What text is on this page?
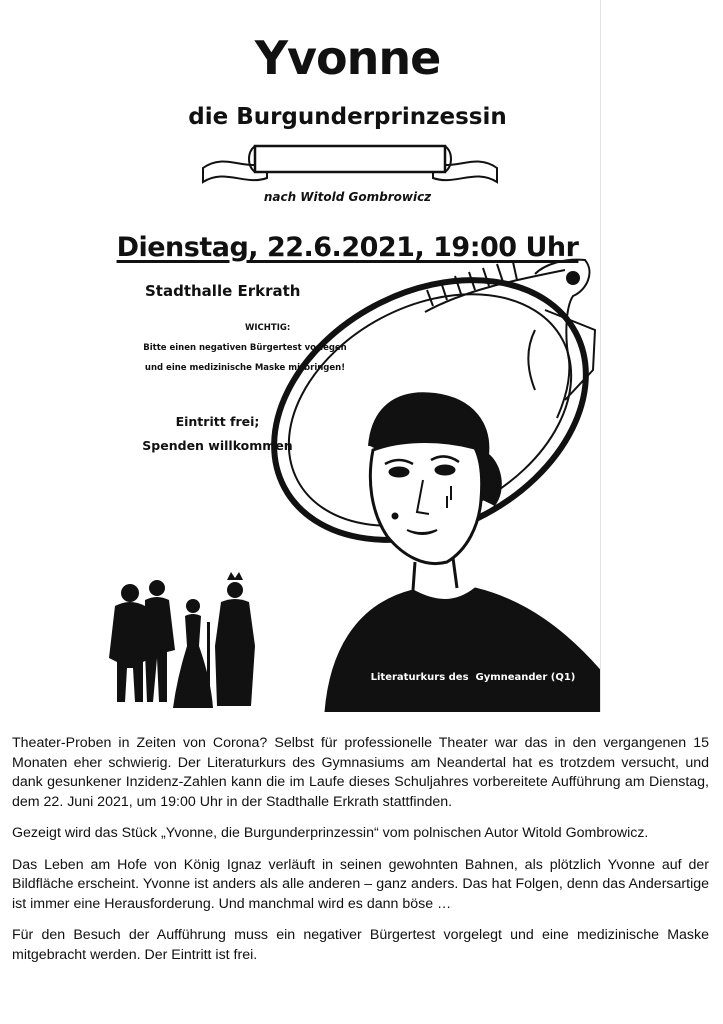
Yvonne
die Burgunderprinzessin
nach Witold Gombrowicz
Dienstag, 22.6.2021, 19:00 Uhr
Stadthalle Erkrath
WICHTIG:
Bitte einen negativen Bürgertest vorlegen
und eine medizinische Maske mitbringen!
Eintritt frei;
Spenden willkommen
Literaturkurs des  Gymneander (Q1)

Theater-Proben in Zeiten von Corona? Selbst für professionelle Theater war das in den vergangenen 15 Monaten eher schwierig. Der Literaturkurs des Gymnasiums am Neandertal hat es trotzdem versucht, und dank gesunkener Inzidenz-Zahlen kann die im Laufe dieses Schuljahres vorbereitete Aufführung am Dienstag, dem 22. Juni 2021, um 19:00 Uhr in der Stadthalle Erkrath stattfinden.

Gezeigt wird das Stück „Yvonne, die Burgunderprinzessin“ vom polnischen Autor Witold Gombrowicz.

Das Leben am Hofe von König Ignaz verläuft in seinen gewohnten Bahnen, als plötzlich Yvonne auf der Bildfläche erscheint. Yvonne ist anders als alle anderen – ganz anders. Das hat Folgen, denn das Andersartige ist immer eine Herausforderung. Und manchmal wird es dann böse …

Für den Besuch der Aufführung muss ein negativer Bürgertest vorgelegt und eine medizinische Maske mitgebracht werden. Der Eintritt ist frei.
